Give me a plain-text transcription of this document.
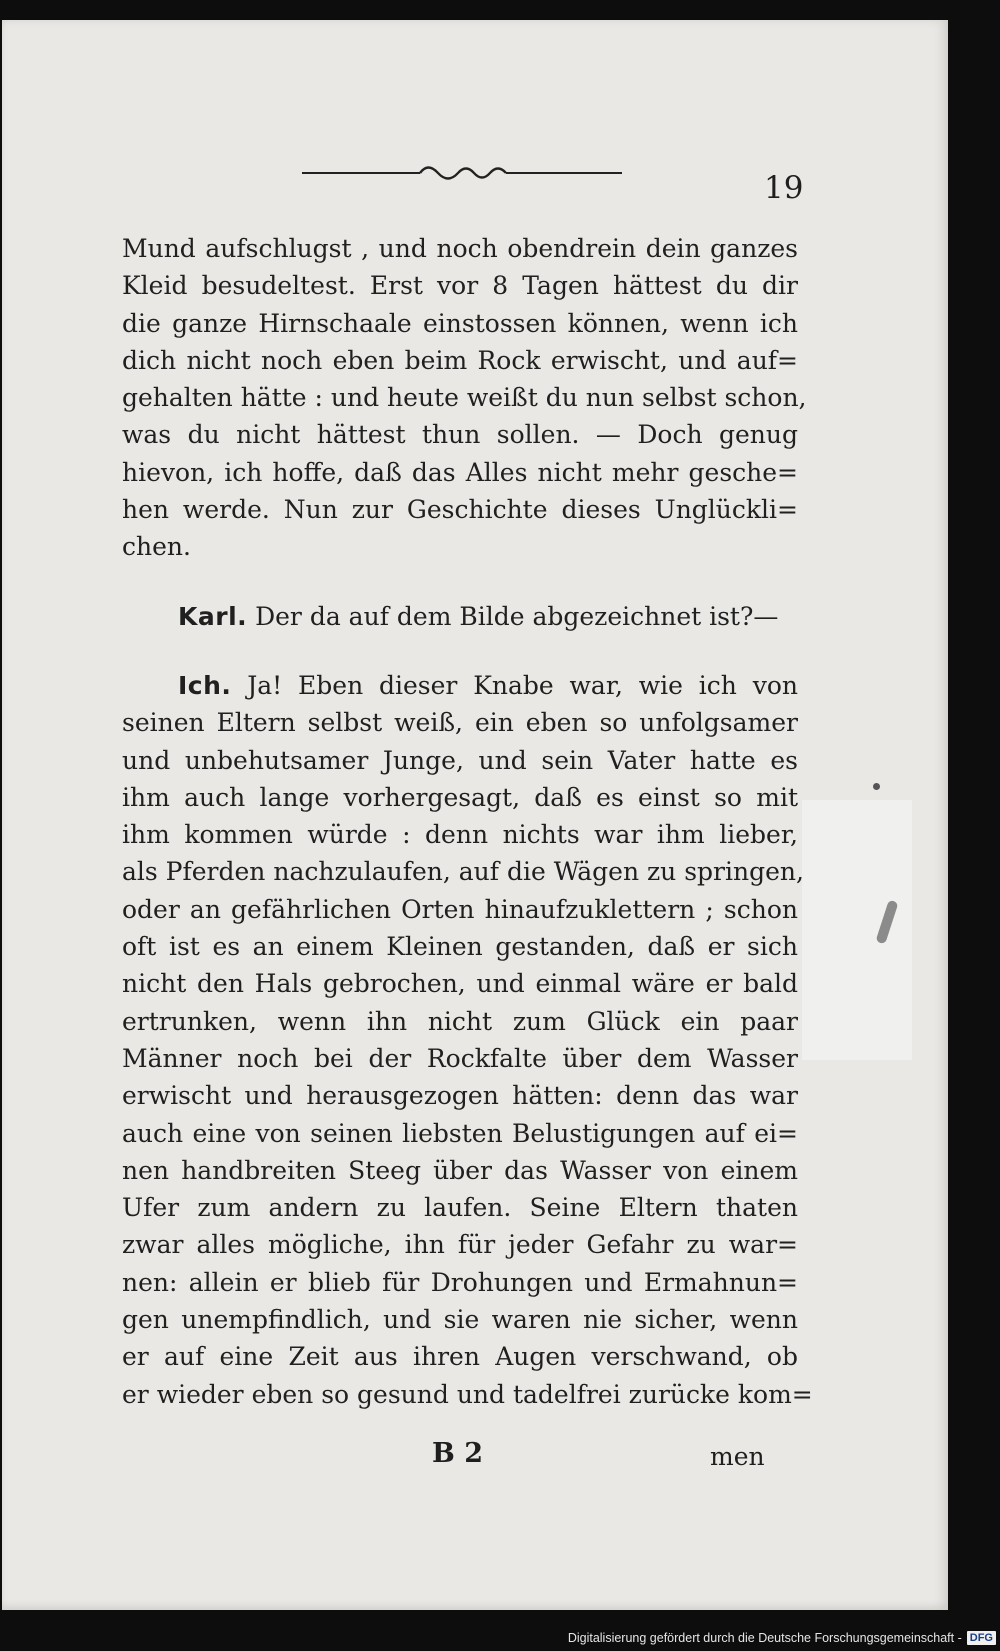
19
Mund aufschlugst , und noch obendrein dein ganzes
Kleid besudeltest. Erst vor 8 Tagen hättest du dir
die ganze Hirnschaale einstossen können, wenn ich
dich nicht noch eben beim Rock erwischt, und auf=
gehalten hätte : und heute weißt du nun selbst schon,
was du nicht hättest thun sollen. — Doch genug
hievon, ich hoffe, daß das Alles nicht mehr gesche=
hen werde. Nun zur Geschichte dieses Unglückli=
chen.
Karl. Der da auf dem Bilde abgezeichnet ist?—
Ich. Ja! Eben dieser Knabe war, wie ich von
seinen Eltern selbst weiß, ein eben so unfolgsamer
und unbehutsamer Junge, und sein Vater hatte es
ihm auch lange vorhergesagt, daß es einst so mit
ihm kommen würde : denn nichts war ihm lieber,
als Pferden nachzulaufen, auf die Wägen zu springen,
oder an gefährlichen Orten hinaufzuklettern ; schon
oft ist es an einem Kleinen gestanden, daß er sich
nicht den Hals gebrochen, und einmal wäre er bald
ertrunken, wenn ihn nicht zum Glück ein paar
Männer noch bei der Rockfalte über dem Wasser
erwischt und herausgezogen hätten: denn das war
auch eine von seinen liebsten Belustigungen auf ei=
nen handbreiten Steeg über das Wasser von einem
Ufer zum andern zu laufen. Seine Eltern thaten
zwar alles mögliche, ihn für jeder Gefahr zu war=
nen: allein er blieb für Drohungen und Ermahnun=
gen unempfindlich, und sie waren nie sicher, wenn
er auf eine Zeit aus ihren Augen verschwand, ob
er wieder eben so gesund und tadelfrei zurücke kom=
B 2	men
Digitalisierung gefördert durch die Deutsche Forschungsgemeinschaft - DFG
